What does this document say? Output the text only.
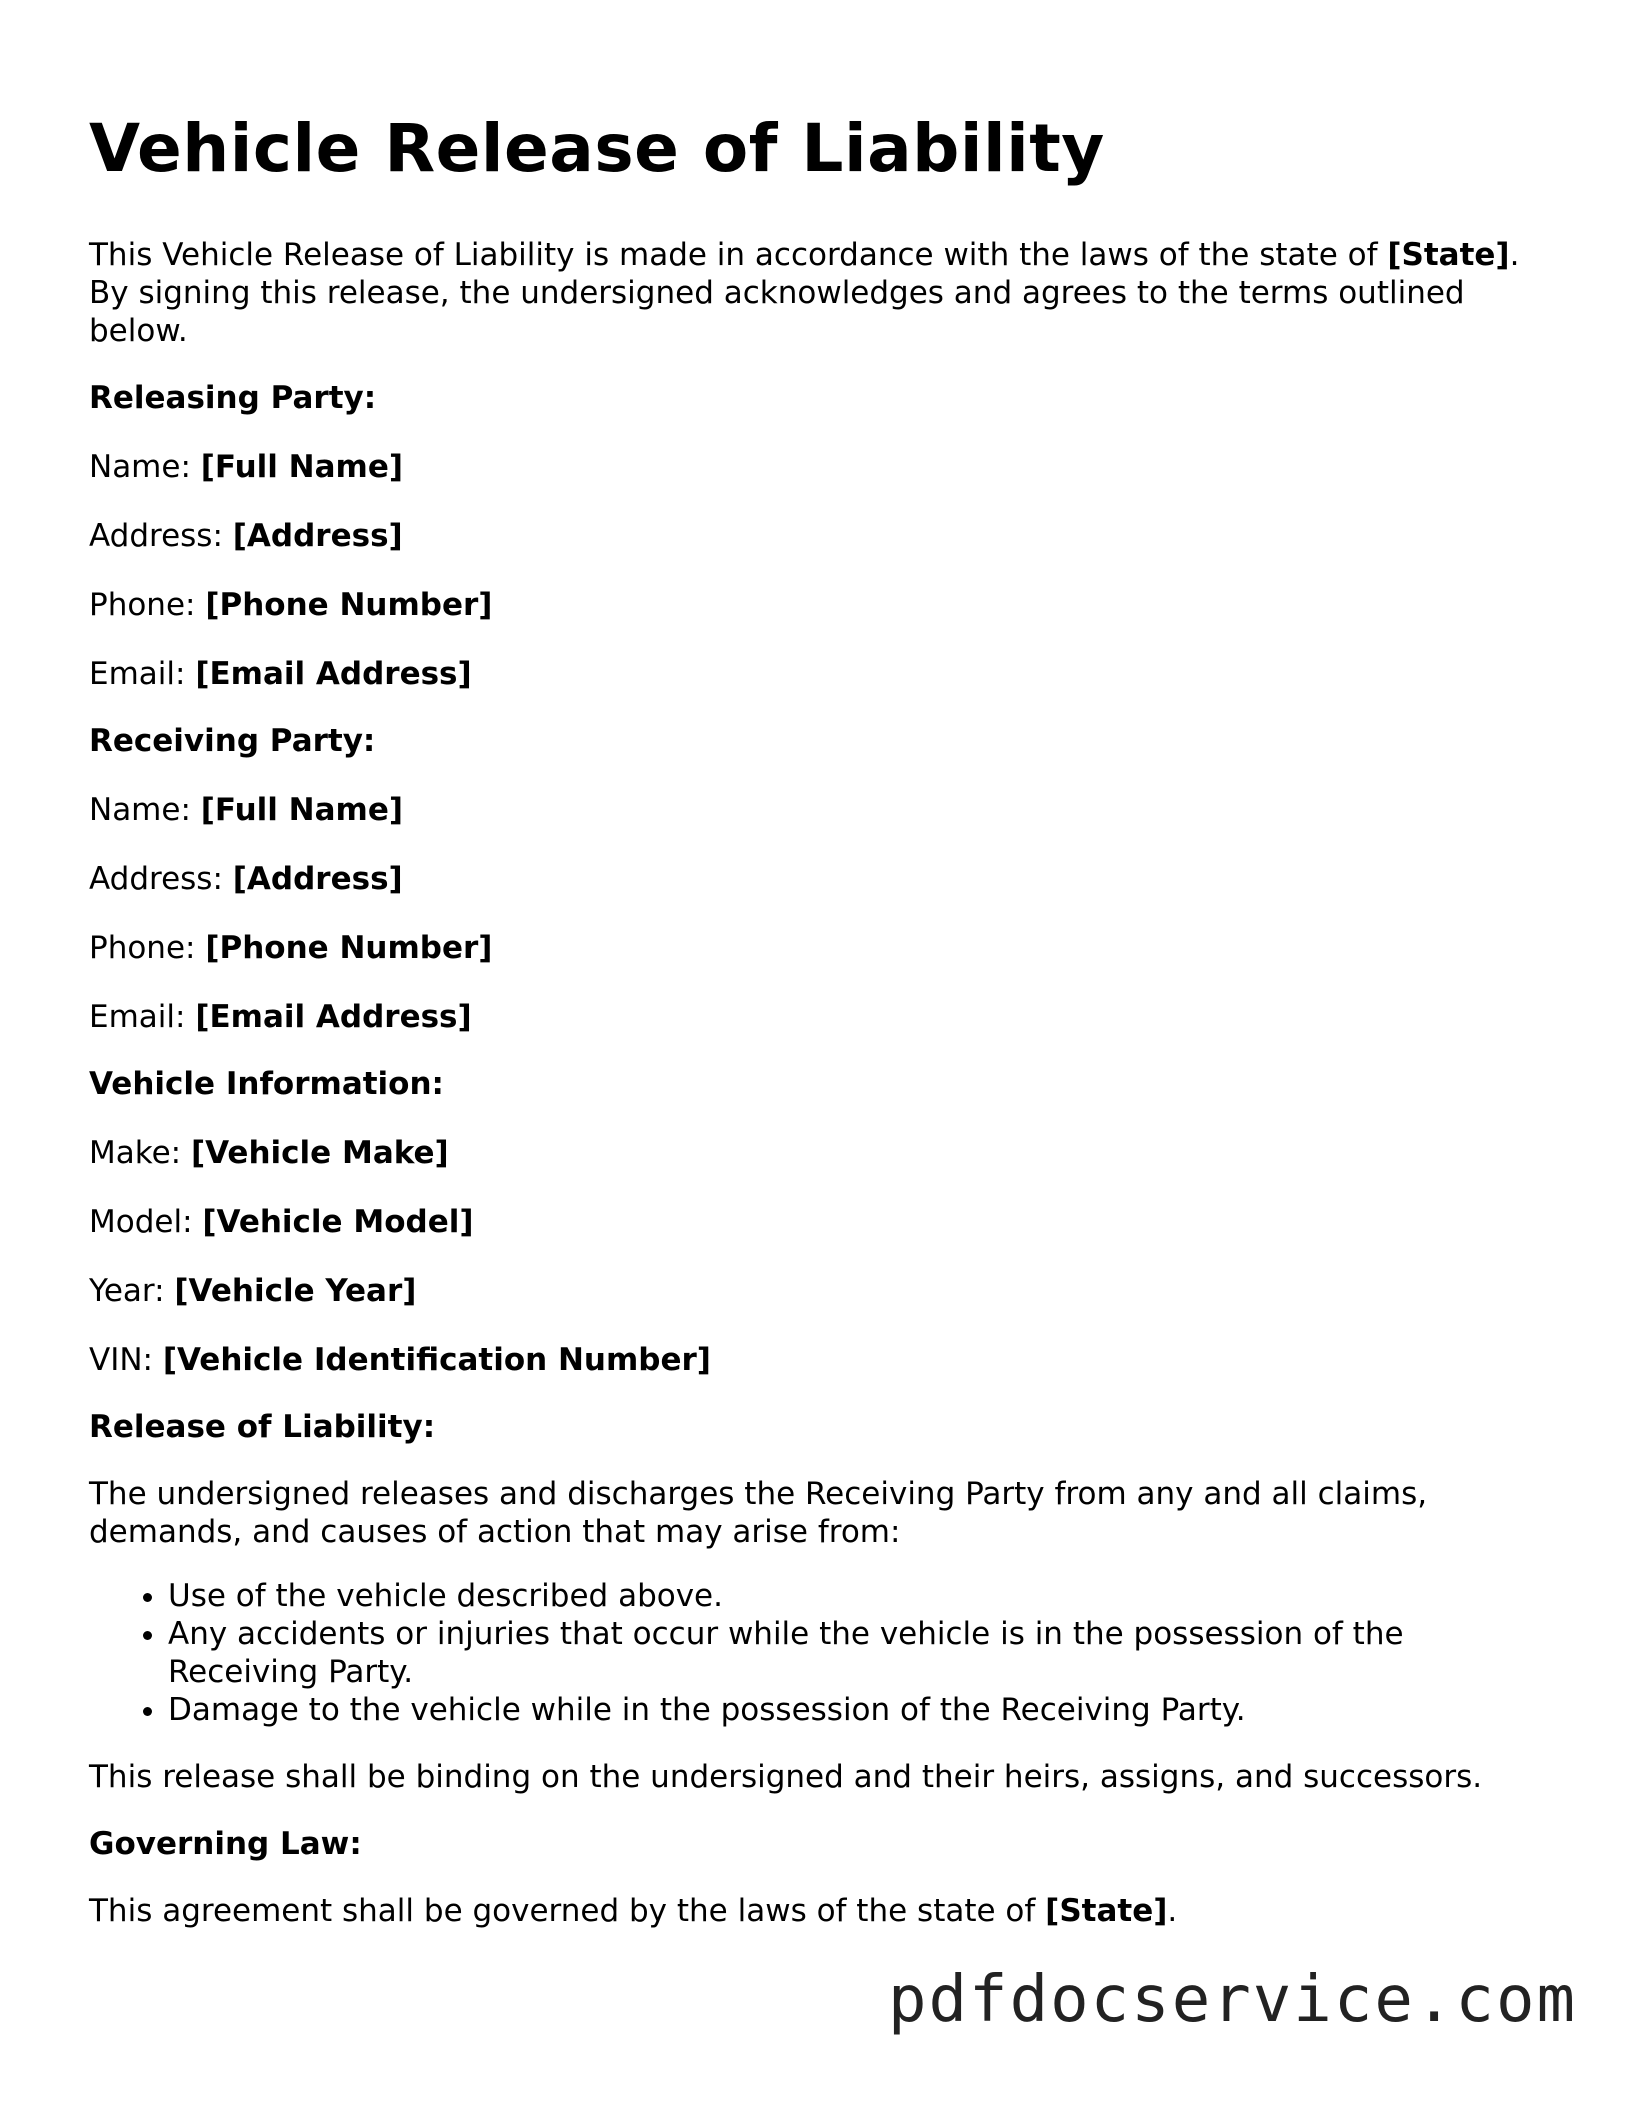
Vehicle Release of Liability

This Vehicle Release of Liability is made in accordance with the laws of the state of [State]. By signing this release, the undersigned acknowledges and agrees to the terms outlined below.

Releasing Party:

Name: [Full Name]

Address: [Address]

Phone: [Phone Number]

Email: [Email Address]

Receiving Party:

Name: [Full Name]

Address: [Address]

Phone: [Phone Number]

Email: [Email Address]

Vehicle Information:

Make: [Vehicle Make]

Model: [Vehicle Model]

Year: [Vehicle Year]

VIN: [Vehicle Identification Number]

Release of Liability:

The undersigned releases and discharges the Receiving Party from any and all claims, demands, and causes of action that may arise from:

• Use of the vehicle described above.
• Any accidents or injuries that occur while the vehicle is in the possession of the Receiving Party.
• Damage to the vehicle while in the possession of the Receiving Party.

This release shall be binding on the undersigned and their heirs, assigns, and successors.

Governing Law:

This agreement shall be governed by the laws of the state of [State].

pdfdocservice.com
